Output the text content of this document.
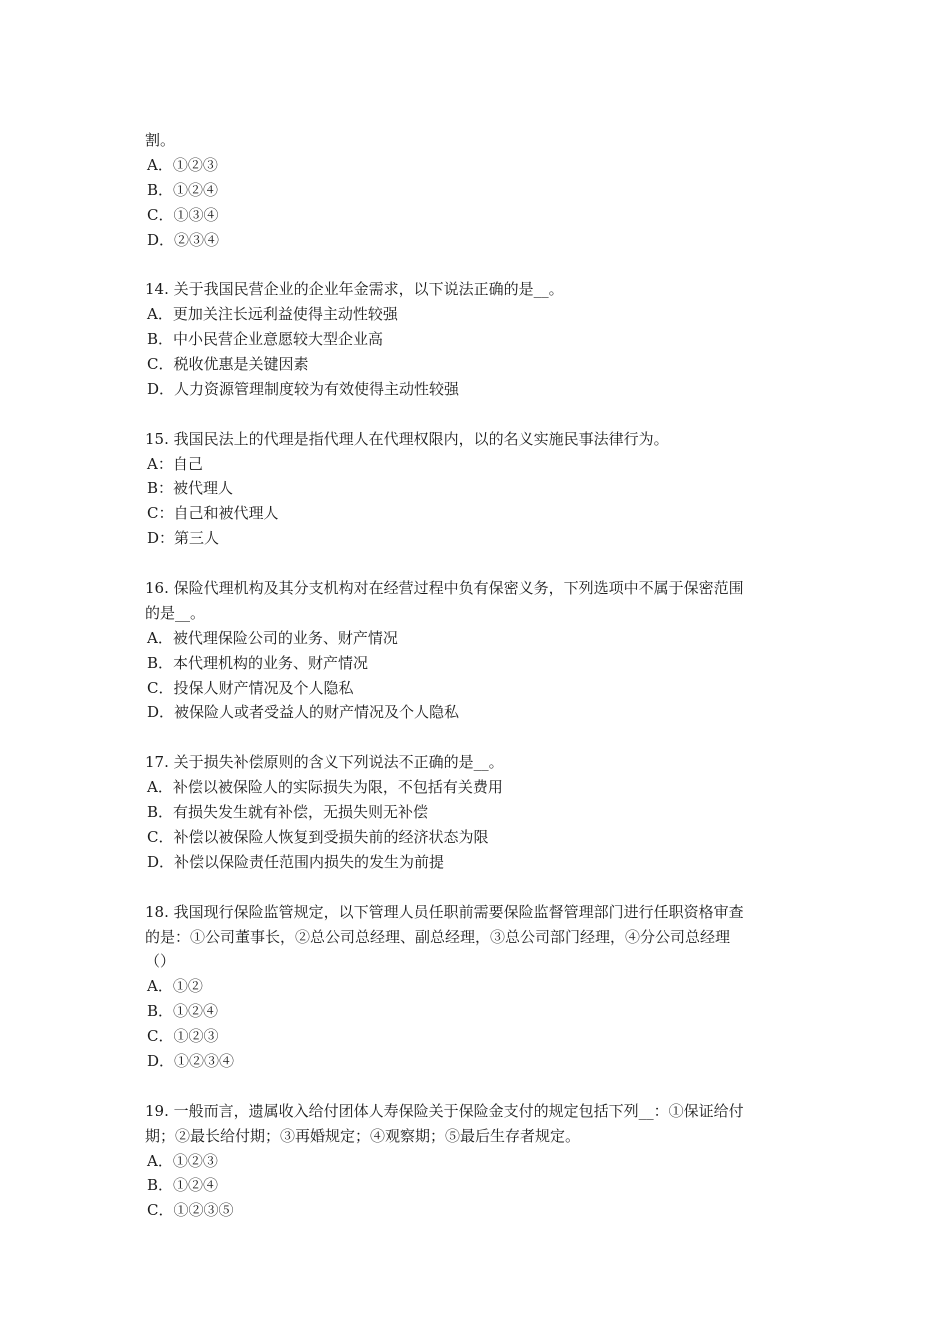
割。
A．①②③
B．①②④
C．①③④
D．②③④
14. 关于我国民营企业的企业年金需求，以下说法正确的是__。
A．更加关注长远利益使得主动性较强
B．中小民营企业意愿较大型企业高
C．税收优惠是关键因素
D．人力资源管理制度较为有效使得主动性较强
15. 我国民法上的代理是指代理人在代理权限内，以的名义实施民事法律行为。
A：自己
B：被代理人
C：自己和被代理人
D：第三人
16. 保险代理机构及其分支机构对在经营过程中负有保密义务，下列选项中不属于保密范围
的是__。
A．被代理保险公司的业务、财产情况
B．本代理机构的业务、财产情况
C．投保人财产情况及个人隐私
D．被保险人或者受益人的财产情况及个人隐私
17. 关于损失补偿原则的含义下列说法不正确的是__。
A．补偿以被保险人的实际损失为限，不包括有关费用
B．有损失发生就有补偿，无损失则无补偿
C．补偿以被保险人恢复到受损失前的经济状态为限
D．补偿以保险责任范围内损失的发生为前提
18. 我国现行保险监管规定，以下管理人员任职前需要保险监督管理部门进行任职资格审查
的是：①公司董事长，②总公司总经理、副总经理，③总公司部门经理，④分公司总经理
（）
A．①②
B．①②④
C．①②③
D．①②③④
19. 一般而言，遗属收入给付团体人寿保险关于保险金支付的规定包括下列__：①保证给付
期；②最长给付期；③再婚规定；④观察期；⑤最后生存者规定。
A．①②③
B．①②④
C．①②③⑤
